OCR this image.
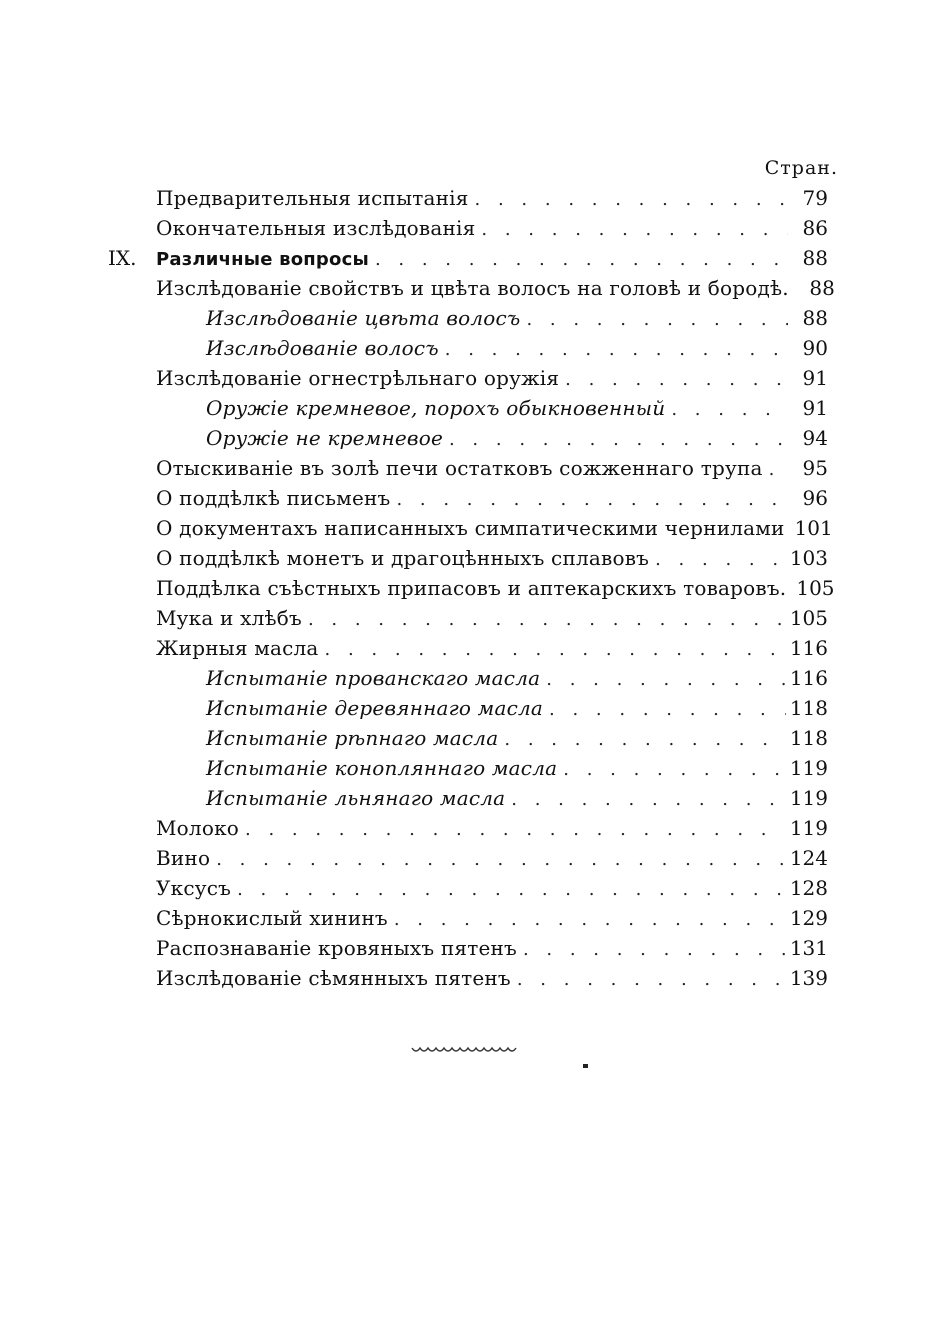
Стран.
Предварительныя испытанія . . .	79
Окончательныя изслѣдованія . . .	86
IX.	Различные вопросы . . .	88
Изслѣдованіе свойствъ и цвѣта волосъ на головѣ и бородѣ.	88
Изслѣдованіе цвѣта волосъ . . .	88
Изслѣдованіе волосъ . . .	90
Изслѣдованіе огнестрѣльнаго оружія . . .	91
Оружіе кремневое, порохъ обыкновенный . . .	91
Оружіе не кремневое . . .	94
Отыскиваніе въ золѣ печи остатковъ сожженнаго трупа . . .	95
О поддѣлкѣ письменъ . . .	96
О документахъ написанныхъ симпатическими чернилами 101
О поддѣлкѣ монетъ и драгоцѣнныхъ сплавовъ . . .	103
Поддѣлка съѣстныхъ припасовъ и аптекарскихъ товаровъ. 105
Мука и хлѣбъ . . .	105
Жирныя масла . . .	116
Испытаніе прованскаго масла . . .	116
Испытаніе деревяннаго масла . . .	118
Испытаніе рѣпнаго масла . . .	118
Испытаніе конопляннаго масла . . .	119
Испытаніе льнянаго масла . . .	119
Молоко . . .	119
Вино . . .	124
Уксусъ . . .	128
Сѣрнокислый хининъ . . .	129
Распознаваніе кровяныхъ пятенъ . . .	131
Изслѣдованіе сѣмянныхъ пятенъ . . .	139
